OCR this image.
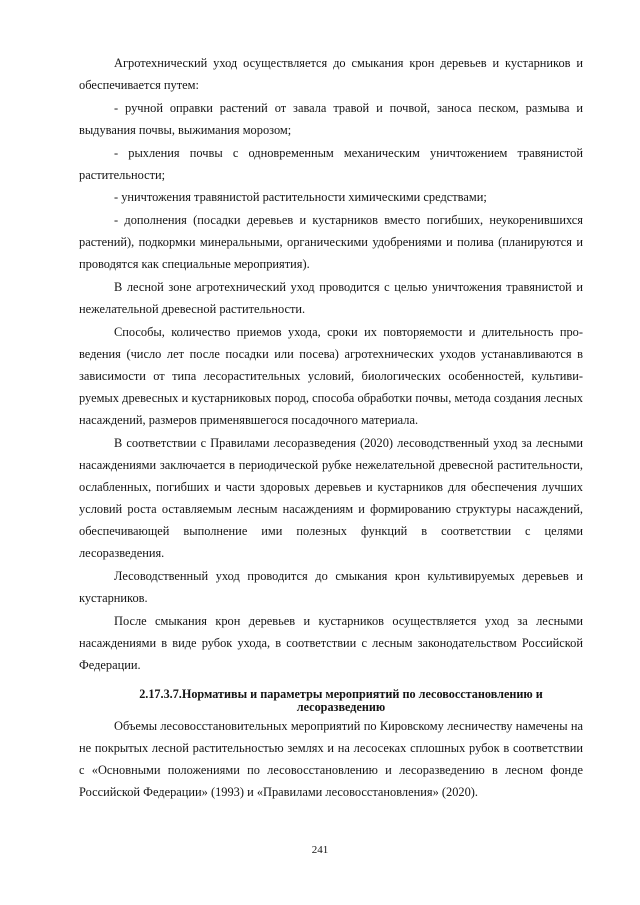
Агротехнический уход осуществляется до смыкания крон деревьев и кустарников и обеспечивается путем:

- ручной оправки растений от завала травой и почвой, заноса песком, размыва и выдувания почвы, выжимания морозом;

- рыхления почвы с одновременным механическим уничтожением травянистой растительности;

- уничтожения травянистой растительности химическими средствами;

- дополнения (посадки деревьев и кустарников вместо погибших, неукоренившихся растений), подкормки минеральными, органическими удобрениями и полива (планируются и проводятся как специальные мероприятия).

В лесной зоне агротехнический уход проводится с целью уничтожения травянистой и нежелательной древесной растительности.

Способы, количество приемов ухода, сроки их повторяемости и длительность проведения (число лет после посадки или посева) агротехнических уходов устанавливаются в зависимости от типа лесорастительных условий, биологических особенностей, культивируемых древесных и кустарниковых пород, способа обработки почвы, метода создания лесных насаждений, размеров применявшегося посадочного материала.

В соответствии с Правилами лесоразведения (2020) лесоводственный уход за лесными насаждениями заключается в периодической рубке нежелательной древесной растительности, ослабленных, погибших и части здоровых деревьев и кустарников для обеспечения лучших условий роста оставляемым лесным насаждениям и формированию структуры насаждений, обеспечивающей выполнение ими полезных функций в соответствии с целями лесоразведения.

Лесоводственный уход проводится до смыкания крон культивируемых деревьев и кустарников.

После смыкания крон деревьев и кустарников осуществляется уход за лесными насаждениями в виде рубок ухода, в соответствии с лесным законодательством Российской Федерации.

2.17.3.7.Нормативы и параметры мероприятий по лесовосстановлению и лесоразведению

Объемы лесовосстановительных мероприятий по Кировскому лесничеству намечены на не покрытых лесной растительностью землях и на лесосеках сплошных рубок в соответствии с «Основными положениями по лесовосстановлению и лесоразведению в лесном фонде Российской Федерации» (1993) и «Правилами лесовосстановления» (2020).

241
